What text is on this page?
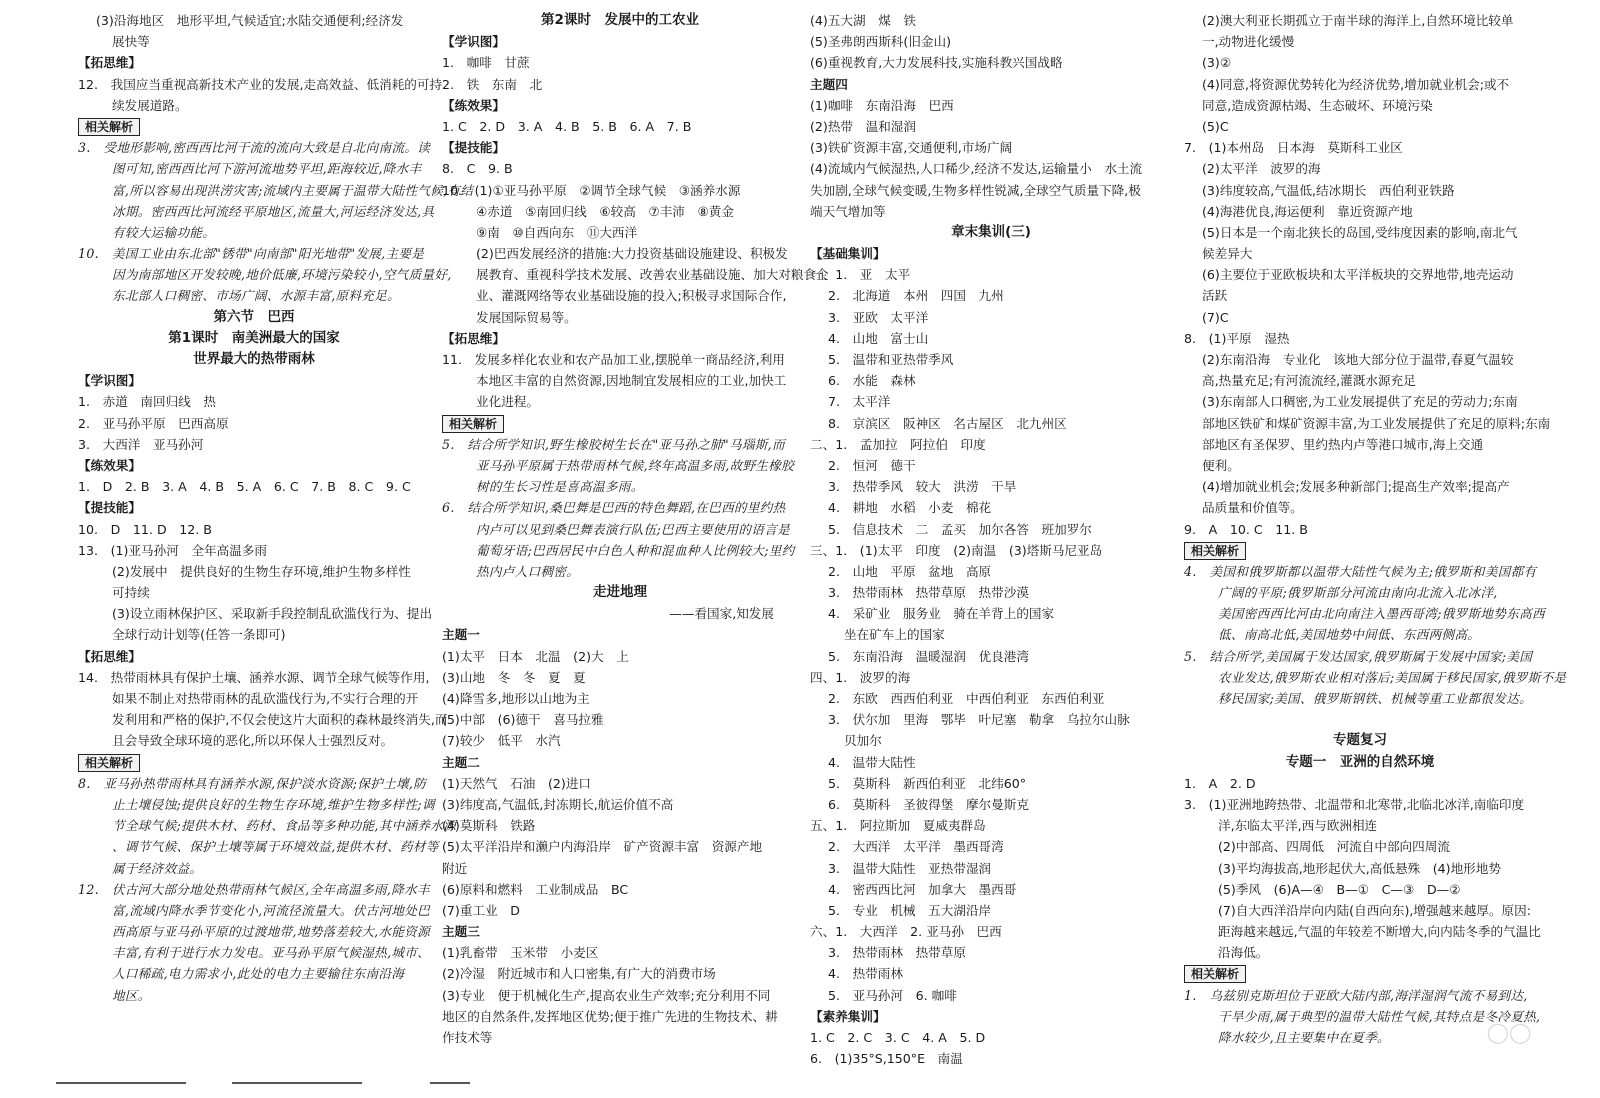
(3)沿海地区　地形平坦,气候适宜;水陆交通便利;经济发
展快等
【拓思维】
12.　我国应当重视高新技术产业的发展,走高效益、低消耗的可持
续发展道路。
相关解析
3.　受地形影响,密西西比河干流的流向大致是自北向南流。读
图可知,密西西比河下游河流地势平坦,距海较近,降水丰
富,所以容易出现洪涝灾害;流域内主要属于温带大陆性气候,有结
冰期。密西西比河流经平原地区,流量大,河运经济发达,具
有较大运输功能。
10.　美国工业由东北部"锈带"向南部"阳光地带"发展,主要是
因为南部地区开发较晚,地价低廉,环境污染较小,空气质量好,
东北部人口稠密、市场广阔、水源丰富,原料充足。
第六节　巴西
第1课时　南美洲最大的国家
世界最大的热带雨林
【学识图】
1.　赤道　南回归线　热
2.　亚马孙平原　巴西高原
3.　大西洋　亚马孙河
【练效果】
1.　D　2. B　3. A　4. B　5. A　6. C　7. B　8. C　9. C
【提技能】
10.　D　11. D　12. B
13.　(1)亚马孙河　全年高温多雨
(2)发展中　提供良好的生物生存环境,维护生物多样性
可持续
(3)设立雨林保护区、采取新手段控制乱砍滥伐行为、提出
全球行动计划等(任答一条即可)
【拓思维】
14.　热带雨林具有保护土壤、涵养水源、调节全球气候等作用,
如果不制止对热带雨林的乱砍滥伐行为,不实行合理的开
发利用和严格的保护,不仅会使这片大面积的森林最终消失,而
且会导致全球环境的恶化,所以环保人士强烈反对。
相关解析
8.　亚马孙热带雨林具有涵养水源,保护淡水资源;保护土壤,防
止土壤侵蚀;提供良好的生物生存环境,维护生物多样性;调
节全球气候;提供木材、药材、食品等多种功能,其中涵养水源
、调节气候、保护土壤等属于环境效益,提供木材、药材等
属于经济效益。
12.　伏古河大部分地处热带雨林气候区,全年高温多雨,降水丰
富,流域内降水季节变化小,河流径流量大。伏古河地处巴
西高原与亚马孙平原的过渡地带,地势落差较大,水能资源
丰富,有利于进行水力发电。亚马孙平原气候湿热,城市、
人口稀疏,电力需求小,此处的电力主要输往东南沿海
地区。
第2课时　发展中的工农业
【学识图】
1.　咖啡　甘蔗
2.　铁　东南　北
【练效果】
1. C　2. D　3. A　4. B　5. B　6. A　7. B
【提技能】
8.　C　9. B
10.　(1)①亚马孙平原　②调节全球气候　③涵养水源
④赤道　⑤南回归线　⑥较高　⑦丰沛　⑧黄金
⑨南　⑩自西向东　⑪大西洋
(2)巴西发展经济的措施:大力投资基础设施建设、积极发
展教育、重视科学技术发展、改善农业基础设施、加大对粮食企
业、灌溉网络等农业基础设施的投入;积极寻求国际合作,
发展国际贸易等。
【拓思维】
11.　发展多样化农业和农产品加工业,摆脱单一商品经济,利用
本地区丰富的自然资源,因地制宜发展相应的工业,加快工
业化进程。
相关解析
5.　结合所学知识,野生橡胶树生长在"亚马孙之肺"马瑙斯,而
亚马孙平原属于热带雨林气候,终年高温多雨,故野生橡胶
树的生长习性是喜高温多雨。
6.　结合所学知识,桑巴舞是巴西的特色舞蹈,在巴西的里约热
内卢可以见到桑巴舞表演行队伍;巴西主要使用的语言是
葡萄牙语;巴西居民中白色人种和混血种人比例较大;里约
热内卢人口稠密。
走进地理
——看国家,知发展
主题一
(1)太平　日本　北温　(2)大　上
(3)山地　冬　冬　夏　夏
(4)降雪多,地形以山地为主
(5)中部　(6)德干　喜马拉雅
(7)较少　低平　水汽
主题二
(1)天然气　石油　(2)进口
(3)纬度高,气温低,封冻期长,航运价值不高
(4)莫斯科　铁路
(5)太平洋沿岸和濑户内海沿岸　矿产资源丰富　资源产地
附近
(6)原料和燃料　工业制成品　BC
(7)重工业　D
主题三
(1)乳畜带　玉米带　小麦区
(2)冷湿　附近城市和人口密集,有广大的消费市场
(3)专业　便于机械化生产,提高农业生产效率;充分利用不同
地区的自然条件,发挥地区优势;便于推广先进的生物技术、耕
作技术等
(4)五大湖　煤　铁
(5)圣弗朗西斯科(旧金山)
(6)重视教育,大力发展科技,实施科教兴国战略
主题四
(1)咖啡　东南沿海　巴西
(2)热带　温和湿润
(3)铁矿资源丰富,交通便利,市场广阔
(4)流域内气候湿热,人口稀少,经济不发达,运输量小　水土流
失加剧,全球气候变暖,生物多样性锐减,全球空气质量下降,极
端天气增加等
章末集训(三)
【基础集训】
一、1.　亚　太平
2.　北海道　本州　四国　九州
3.　亚欧　太平洋
4.　山地　富士山
5.　温带和亚热带季风
6.　水能　森林
7.　太平洋
8.　京滨区　阪神区　名古屋区　北九州区
二、1.　孟加拉　阿拉伯　印度
2.　恒河　德干
3.　热带季风　较大　洪涝　干旱
4.　耕地　水稻　小麦　棉花
5.　信息技术　二　孟买　加尔各答　班加罗尔
三、1.　(1)太平　印度　(2)南温　(3)塔斯马尼亚岛
2.　山地　平原　盆地　高原
3.　热带雨林　热带草原　热带沙漠
4.　采矿业　服务业　骑在羊背上的国家
坐在矿车上的国家
5.　东南沿海　温暖湿润　优良港湾
四、1.　波罗的海
2.　东欧　西西伯利亚　中西伯利亚　东西伯利亚
3.　伏尔加　里海　鄂毕　叶尼塞　勒拿　乌拉尔山脉
贝加尔
4.　温带大陆性
5.　莫斯科　新西伯利亚　北纬60°
6.　莫斯科　圣彼得堡　摩尔曼斯克
五、1.　阿拉斯加　夏威夷群岛
2.　大西洋　太平洋　墨西哥湾
3.　温带大陆性　亚热带湿润
4.　密西西比河　加拿大　墨西哥
5.　专业　机械　五大湖沿岸
六、1.　大西洋　2. 亚马孙　巴西
3.　热带雨林　热带草原
4.　热带雨林
5.　亚马孙河　6. 咖啡
【素养集训】
1. C　2. C　3. C　4. A　5. D
6.　(1)35°S,150°E　南温
(2)澳大利亚长期孤立于南半球的海洋上,自然环境比较单
一,动物进化缓慢
(3)②
(4)同意,将资源优势转化为经济优势,增加就业机会;或不
同意,造成资源枯竭、生态破坏、环境污染
(5)C
7.　(1)本州岛　日本海　莫斯科工业区
(2)太平洋　波罗的海
(3)纬度较高,气温低,结冰期长　西伯利亚铁路
(4)海港优良,海运便利　靠近资源产地
(5)日本是一个南北狭长的岛国,受纬度因素的影响,南北气
候差异大
(6)主要位于亚欧板块和太平洋板块的交界地带,地壳运动
活跃
(7)C
8.　(1)平原　湿热
(2)东南沿海　专业化　该地大部分位于温带,春夏气温较
高,热量充足;有河流流经,灌溉水源充足
(3)东南部人口稠密,为工业发展提供了充足的劳动力;东南
部地区铁矿和煤矿资源丰富,为工业发展提供了充足的原料;东南
部地区有圣保罗、里约热内卢等港口城市,海上交通
便利。
(4)增加就业机会;发展多种新部门;提高生产效率;提高产
品质量和价值等。
9.　A　10. C　11. B
相关解析
4.　美国和俄罗斯都以温带大陆性气候为主;俄罗斯和美国都有
广阔的平原;俄罗斯部分河流由南向北流入北冰洋,
美国密西西比河由北向南注入墨西哥湾;俄罗斯地势东高西
低、南高北低,美国地势中间低、东西两侧高。
5.　结合所学,美国属于发达国家,俄罗斯属于发展中国家;美国
农业发达,俄罗斯农业相对落后;美国属于移民国家,俄罗斯不是
移民国家;美国、俄罗斯钢铁、机械等重工业都很发达。
专题复习
专题一　亚洲的自然环境
1.　A　2. D
3.　(1)亚洲地跨热带、北温带和北寒带,北临北冰洋,南临印度
洋,东临太平洋,西与欧洲相连
(2)中部高、四周低　河流自中部向四周流
(3)平均海拔高,地形起伏大,高低悬殊　(4)地形地势
(5)季风　(6)A—④　B—①　C—③　D—②
(7)自大西洋沿岸向内陆(自西向东),增强越来越厚。原因:
距海越来越远,气温的年较差不断增大,向内陆冬季的气温比
沿海低。
相关解析
1.　乌兹别克斯坦位于亚欧大陆内部,海洋湿润气流不易到达,
干旱少雨,属于典型的温带大陆性气候,其特点是冬冷夏热,
降水较少,且主要集中在夏季。	◯◯
